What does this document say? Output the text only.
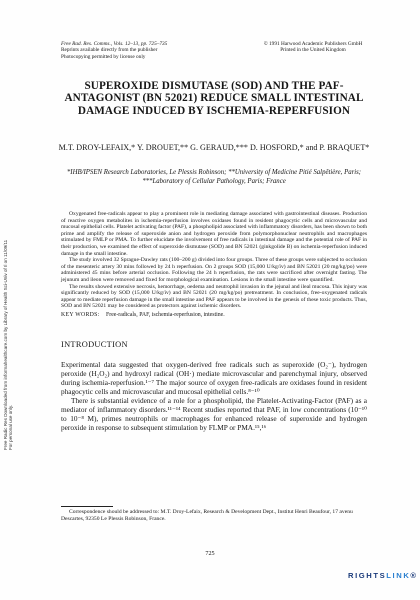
Free Radic Res Downloaded from informahealthcare.com by Library of Health Sci-Univ of Il on 11/09/11 For personal use only.
Free Rad. Res. Comms., Vols. 12–13, pp. 725–735
Reprints available directly from the publisher
Photocopying permitted by license only
© 1991 Harwood Academic Publishers GmbH
Printed in the United Kingdom
SUPEROXIDE DISMUTASE (SOD) AND THE PAF-ANTAGONIST (BN 52021) REDUCE SMALL INTESTINAL DAMAGE INDUCED BY ISCHEMIA-REPERFUSION
M.T. DROY-LEFAIX,* Y. DROUET,** G. GERAUD,*** D. HOSFORD,* and P. BRAQUET*
*IHB/IPSEN Research Laboratories, Le Plessis Robinson; **University of Medicine Pitié Salpêtière, Paris; ***Laboratory of Cellular Pathology, Paris; France

Oxygenated free-radicals appear to play a prominent role in mediating damage associated with gastrointestinal diseases. Production of reactive oxygen metabolites in ischemia-reperfusion involves oxidases found in resident phagocytic cells and microvascular and mucosal epithelial cells. Platelet activating factor (PAF), a phospholipid associated with inflammatory disorders, has been shown to both prime and amplify the release of superoxide anion and hydrogen peroxide from polymorphonuclear neutrophils and macrophages stimulated by FMLP or PMA. To further elucidate the involvement of free radicals in intestinal damage and the potential role of PAF in their production, we examined the effect of superoxide dismutase (SOD) and BN 52021 (ginkgolide B) on ischemia-reperfusion induced damage in the small intestine.

The study involved 32 Sprague-Dawley rats (100–200 g) divided into four groups. Three of these groups were subjected to occlusion of the mesenteric artery 30 mins followed by 24 h reperfusion. On 2 groups SOD (15,000 U/kg/iv) and BN 52021 (20 mg/kg/po) were administered 45 mins before arterial occlusion. Following the 24 h reperfusion, the rats were sacrificed after overnight fasting. The jejunum and ileon were removed and fixed for morphological examination. Lesions in the small intestine were quantified.

The results showed extensive necrosis, hemorrhage, oedema and neutrophil invasion in the jejunal and ileal mucosa. This injury was significantly reduced by SOD (15,000 U/kg/iv) and BN 52021 (20 mg/kg/po) pretreatment. In conclusion, free-oxygenated radicals appear to mediate reperfusion damage in the small intestine and PAF appears to be involved in the genesis of these toxic products. Thus, SOD and BN 52021 may be considered as protectors against ischemic disorders.

KEY WORDS: Free-radicals, PAF, ischemia-reperfusion, intestine.
INTRODUCTION

Experimental data suggested that oxygen-derived free radicals such as superoxide (O₂⁻), hydrogen peroxide (H₂O₂) and hydroxyl radical (OH·) mediate microvascular and parenchymal injury, observed during ischemia-reperfusion.¹⁻⁷ The major source of oxygen free-radicals are oxidases found in resident phagocytic cells and microvascular and mucosal epithelial cells.⁸⁻¹⁰

There is substantial evidence of a role for a phospholipid, the Platelet-Activating-Factor (PAF) as a mediator of inflammatory disorders.¹¹⁻¹⁴ Recent studies reported that PAF, in low concentrations (10⁻¹⁰ to 10⁻⁸ M), primes neutrophils or macrophages for enhanced release of superoxide and hydrogen peroxide in response to subsequent stimulation by FLMP or PMA.¹⁵,¹⁶

Correspondence should be addressed to: M.T. Droy-Lefaix, Research & Development Dept., Institut Henri Beaufour, 17 avenu Descartes, 92350 Le Plessis Robinson, France.

725
RIGHTSLINK®
